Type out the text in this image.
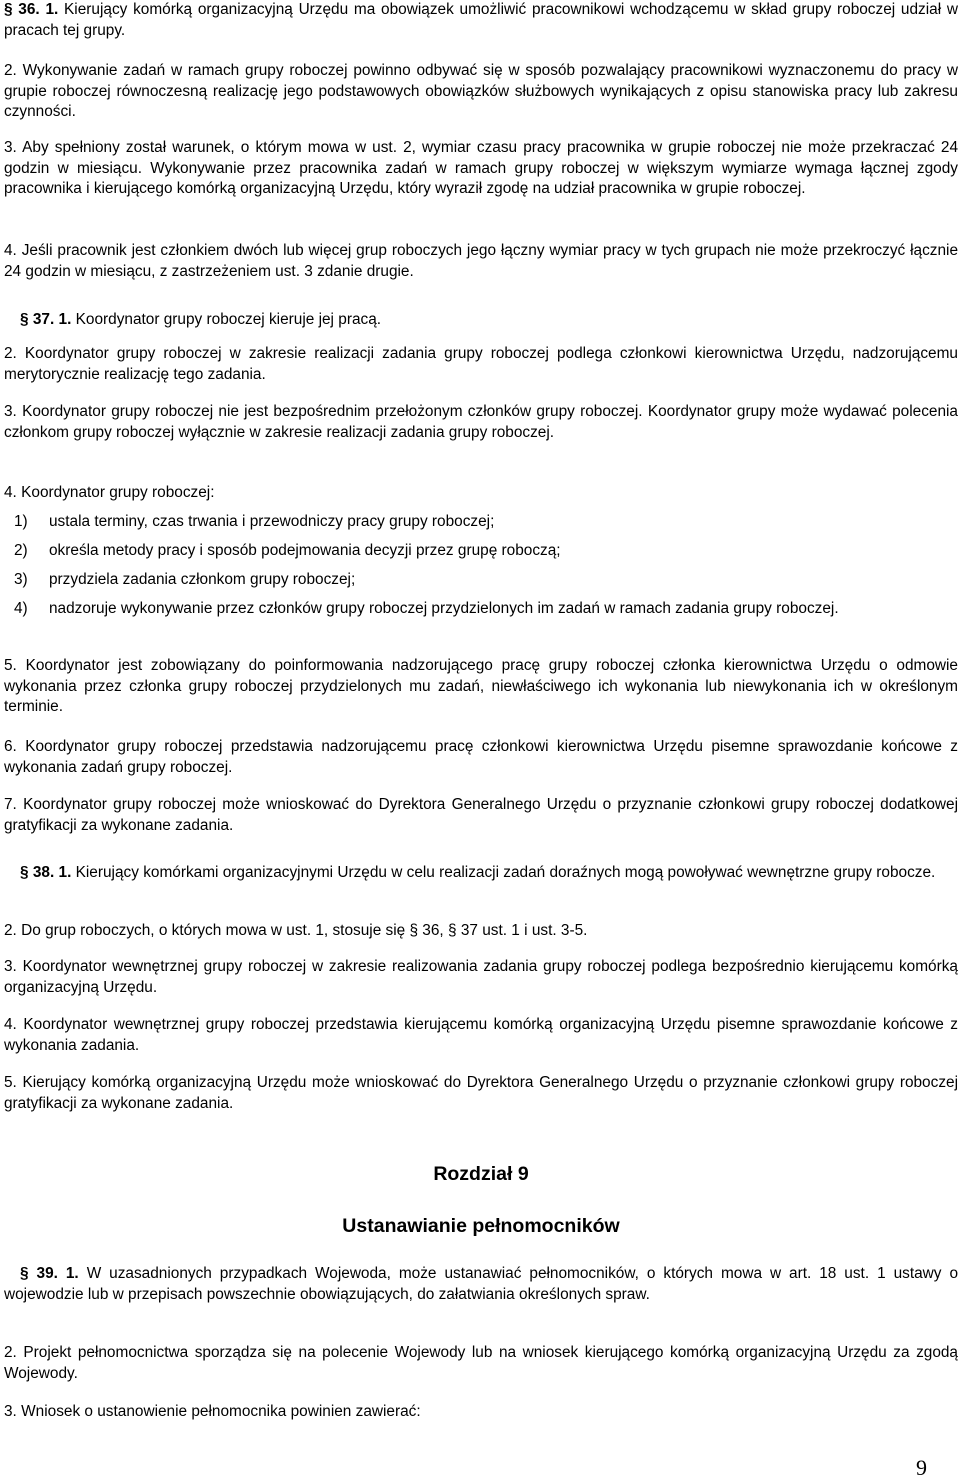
§ 36. 1. Kierujący komórką organizacyjną Urzędu ma obowiązek umożliwić pracownikowi wchodzącemu w skład grupy roboczej udział w pracach tej grupy.

2. Wykonywanie zadań w ramach grupy roboczej powinno odbywać się w sposób pozwalający pracownikowi wyznaczonemu do pracy w grupie roboczej równoczesną realizację jego podstawowych obowiązków służbowych wynikających z opisu stanowiska pracy lub zakresu czynności.

3. Aby spełniony został warunek, o którym mowa w ust. 2, wymiar czasu pracy pracownika w grupie roboczej nie może przekraczać 24 godzin w miesiącu. Wykonywanie przez pracownika zadań w ramach grupy roboczej w większym wymiarze wymaga łącznej zgody pracownika i kierującego komórką organizacyjną Urzędu, który wyraził zgodę na udział pracownika w grupie roboczej.

4. Jeśli pracownik jest członkiem dwóch lub więcej grup roboczych jego łączny wymiar pracy w tych grupach nie może przekroczyć łącznie 24 godzin w miesiącu, z zastrzeżeniem ust. 3 zdanie drugie.

§ 37. 1. Koordynator grupy roboczej kieruje jej pracą.

2. Koordynator grupy roboczej w zakresie realizacji zadania grupy roboczej podlega członkowi kierownictwa Urzędu, nadzorującemu merytorycznie realizację tego zadania.

3. Koordynator grupy roboczej nie jest bezpośrednim przełożonym członków grupy roboczej. Koordynator grupy może wydawać polecenia członkom grupy roboczej wyłącznie w zakresie realizacji zadania grupy roboczej.

4. Koordynator grupy roboczej:

1) ustala terminy, czas trwania i przewodniczy pracy grupy roboczej;

2) określa metody pracy i sposób podejmowania decyzji przez grupę roboczą;

3) przydziela zadania członkom grupy roboczej;

4) nadzoruje wykonywanie przez członków grupy roboczej przydzielonych im zadań w ramach zadania grupy roboczej.

5. Koordynator jest zobowiązany do poinformowania nadzorującego pracę grupy roboczej członka kierownictwa Urzędu o odmowie wykonania przez członka grupy roboczej przydzielonych mu zadań, niewłaściwego ich wykonania lub niewykonania ich w określonym terminie.

6. Koordynator grupy roboczej przedstawia nadzorującemu pracę członkowi kierownictwa Urzędu pisemne sprawozdanie końcowe z wykonania zadań grupy roboczej.

7. Koordynator grupy roboczej może wnioskować do Dyrektora Generalnego Urzędu o przyznanie członkowi grupy roboczej dodatkowej gratyfikacji za wykonane zadania.

§ 38. 1. Kierujący komórkami organizacyjnymi Urzędu w celu realizacji zadań doraźnych mogą powoływać wewnętrzne grupy robocze.

2. Do grup roboczych, o których mowa w ust. 1, stosuje się § 36, § 37 ust. 1 i ust. 3-5.

3. Koordynator wewnętrznej grupy roboczej w zakresie realizowania zadania grupy roboczej podlega bezpośrednio kierującemu komórką organizacyjną Urzędu.

4. Koordynator wewnętrznej grupy roboczej przedstawia kierującemu komórką organizacyjną Urzędu pisemne sprawozdanie końcowe z wykonania zadania.

5. Kierujący komórką organizacyjną Urzędu może wnioskować do Dyrektora Generalnego Urzędu o przyznanie członkowi grupy roboczej gratyfikacji za wykonane zadania.

Rozdział 9

Ustanawianie pełnomocników

§ 39. 1. W uzasadnionych przypadkach Wojewoda, może ustanawiać pełnomocników, o których mowa w art. 18 ust. 1 ustawy o wojewodzie lub w przepisach powszechnie obowiązujących, do załatwiania określonych spraw.

2. Projekt pełnomocnictwa sporządza się na polecenie Wojewody lub na wniosek kierującego komórką organizacyjną Urzędu za zgodą Wojewody.

3. Wniosek o ustanowienie pełnomocnika powinien zawierać:

9
